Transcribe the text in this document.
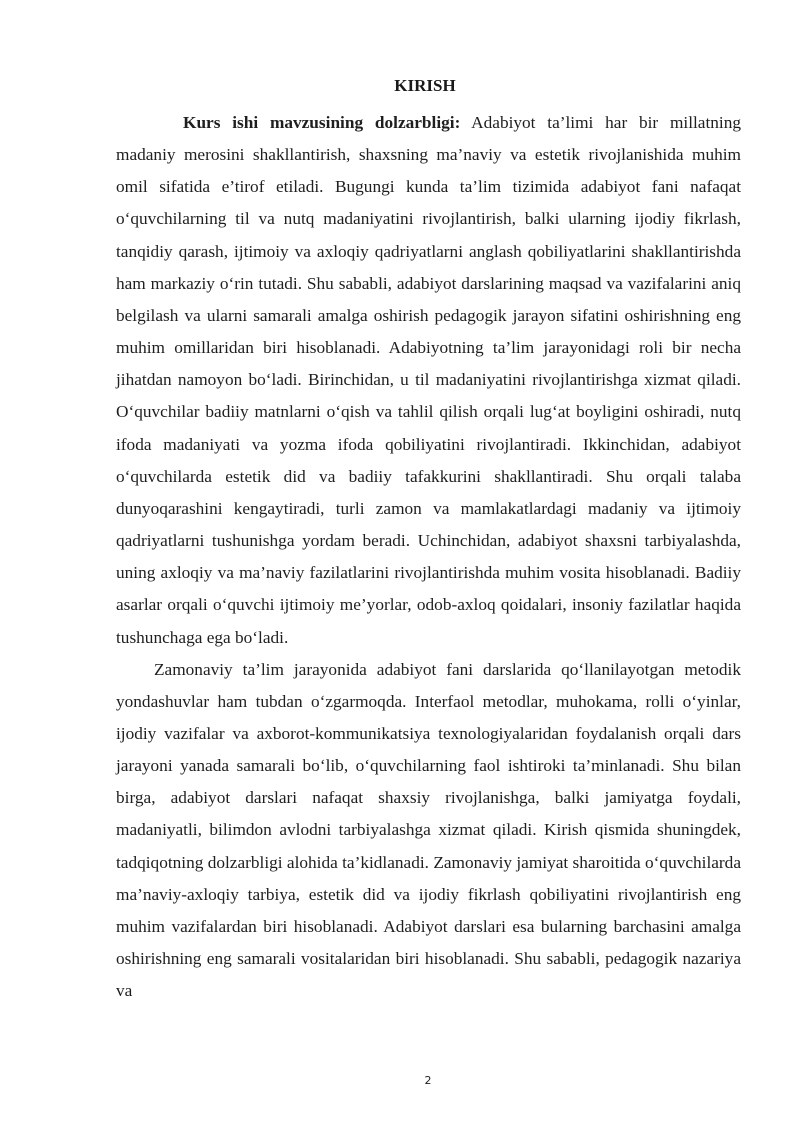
KIRISH

Kurs ishi mavzusining dolzarbligi: Adabiyot ta’limi har bir millatning madaniy merosini shakllantirish, shaxsning ma’naviy va estetik rivojlanishida muhim omil sifatida e’tirof etiladi. Bugungi kunda ta’lim tizimida adabiyot fani nafaqat o‘quvchilarning til va nutq madaniyatini rivojlantirish, balki ularning ijodiy fikrlash, tanqidiy qarash, ijtimoiy va axloqiy qadriyatlarni anglash qobiliyatlarini shakllantirishda ham markaziy o‘rin tutadi. Shu sababli, adabiyot darslarining maqsad va vazifalarini aniq belgilash va ularni samarali amalga oshirish pedagogik jarayon sifatini oshirishning eng muhim omillaridan biri hisoblanadi. Adabiyotning ta’lim jarayonidagi roli bir necha jihatdan namoyon bo‘ladi. Birinchidan, u til madaniyatini rivojlantirishga xizmat qiladi. O‘quvchilar badiiy matnlarni o‘qish va tahlil qilish orqali lug‘at boyligini oshiradi, nutq ifoda madaniyati va yozma ifoda qobiliyatini rivojlantiradi. Ikkinchidan, adabiyot o‘quvchilarda estetik did va badiiy tafakkurini shakllantiradi. Shu orqali talaba dunyoqarashini kengaytiradi, turli zamon va mamlakatlardagi madaniy va ijtimoiy qadriyatlarni tushunishga yordam beradi. Uchinchidan, adabiyot shaxsni tarbiyalashda, uning axloqiy va ma’naviy fazilatlarini rivojlantirishda muhim vosita hisoblanadi. Badiiy asarlar orqali o‘quvchi ijtimoiy me’yorlar, odob-axloq qoidalari, insoniy fazilatlar haqida tushunchaga ega bo‘ladi.

Zamonaviy ta’lim jarayonida adabiyot fani darslarida qo‘llanilayotgan metodik yondashuvlar ham tubdan o‘zgarmoqda. Interfaol metodlar, muhokama, rolli o‘yinlar, ijodiy vazifalar va axborot-kommunikatsiya texnologiyalaridan foydalanish orqali dars jarayoni yanada samarali bo‘lib, o‘quvchilarning faol ishtiroki ta’minlanadi. Shu bilan birga, adabiyot darslari nafaqat shaxsiy rivojlanishga, balki jamiyatga foydali, madaniyatli, bilimdon avlodni tarbiyalashga xizmat qiladi. Kirish qismida shuningdek, tadqiqotning dolzarbligi alohida ta’kidlanadi. Zamonaviy jamiyat sharoitida o‘quvchilarda ma’naviy-axloqiy tarbiya, estetik did va ijodiy fikrlash qobiliyatini rivojlantirish eng muhim vazifalardan biri hisoblanadi. Adabiyot darslari esa bularning barchasini amalga oshirishning eng samarali vositalaridan biri hisoblanadi. Shu sababli, pedagogik nazariya va

2
